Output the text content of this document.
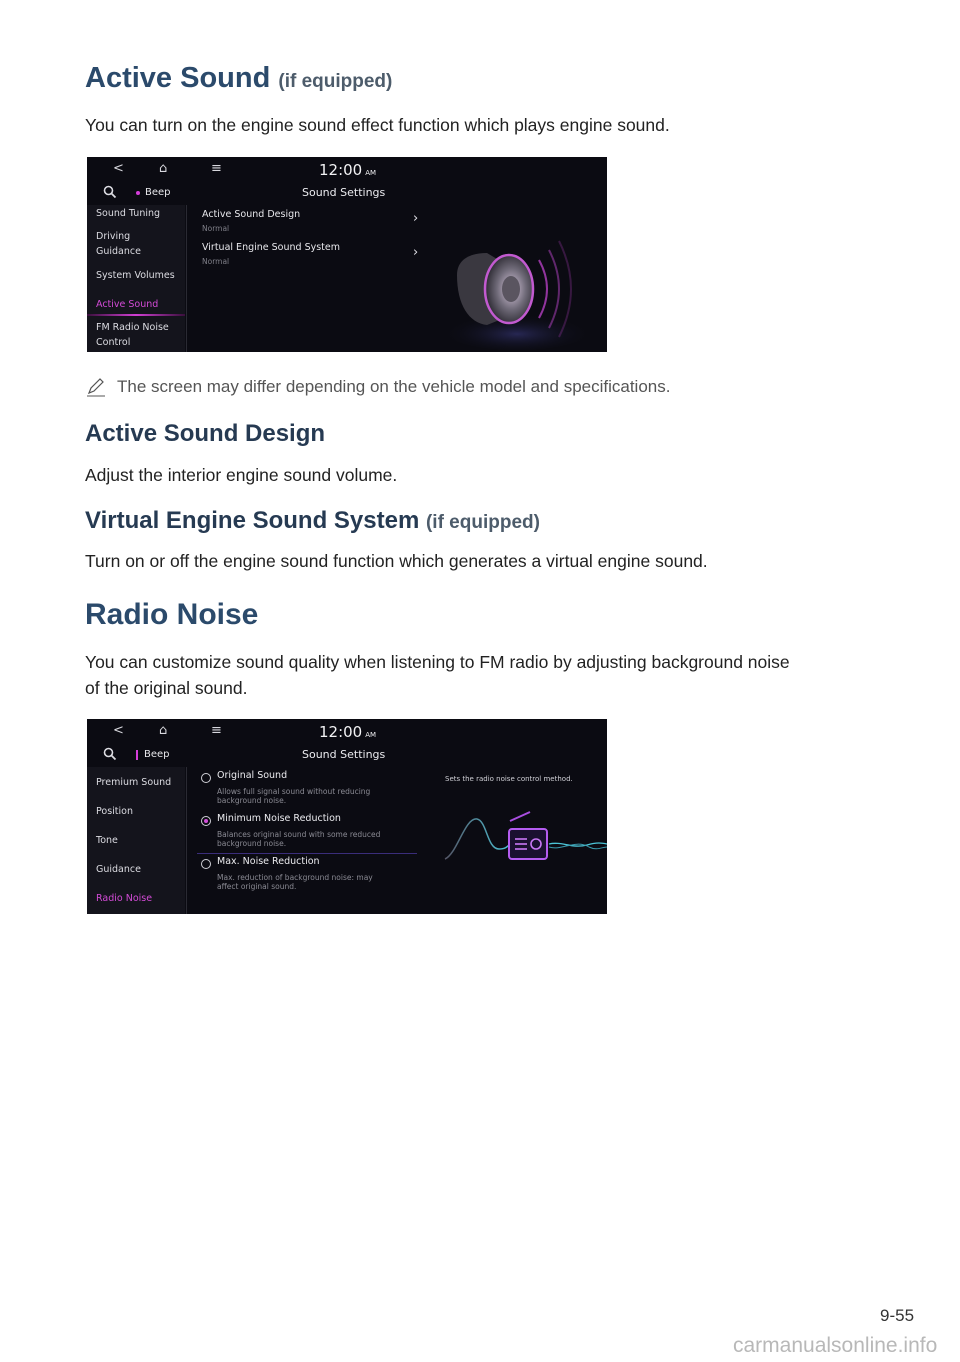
Active Sound (if equipped)
You can turn on the engine sound effect function which plays engine sound.
<	⌂	≡	12:00 AM
Beep	Sound Settings
Sound Tuning
Driving
Guidance
System Volumes
Active Sound
FM Radio Noise
Control
Active Sound Design
Normal
›
Virtual Engine Sound System
Normal
›
The screen may differ depending on the vehicle model and specifications.
Active Sound Design
Adjust the interior engine sound volume.
Virtual Engine Sound System (if equipped)
Turn on or off the engine sound function which generates a virtual engine sound.
Radio Noise
You can customize sound quality when listening to FM radio by adjusting background noise
of the original sound.
<	⌂	≡	12:00 AM
Beep	Sound Settings
Premium Sound
Position
Tone
Guidance
Radio Noise
Original Sound
Allows full signal sound without reducing
background noise.
Minimum Noise Reduction
Balances original sound with some reduced
background noise.
Max. Noise Reduction
Max. reduction of background noise: may
affect original sound.
Sets the radio noise control method.
9-55
carmanualsonline.info
